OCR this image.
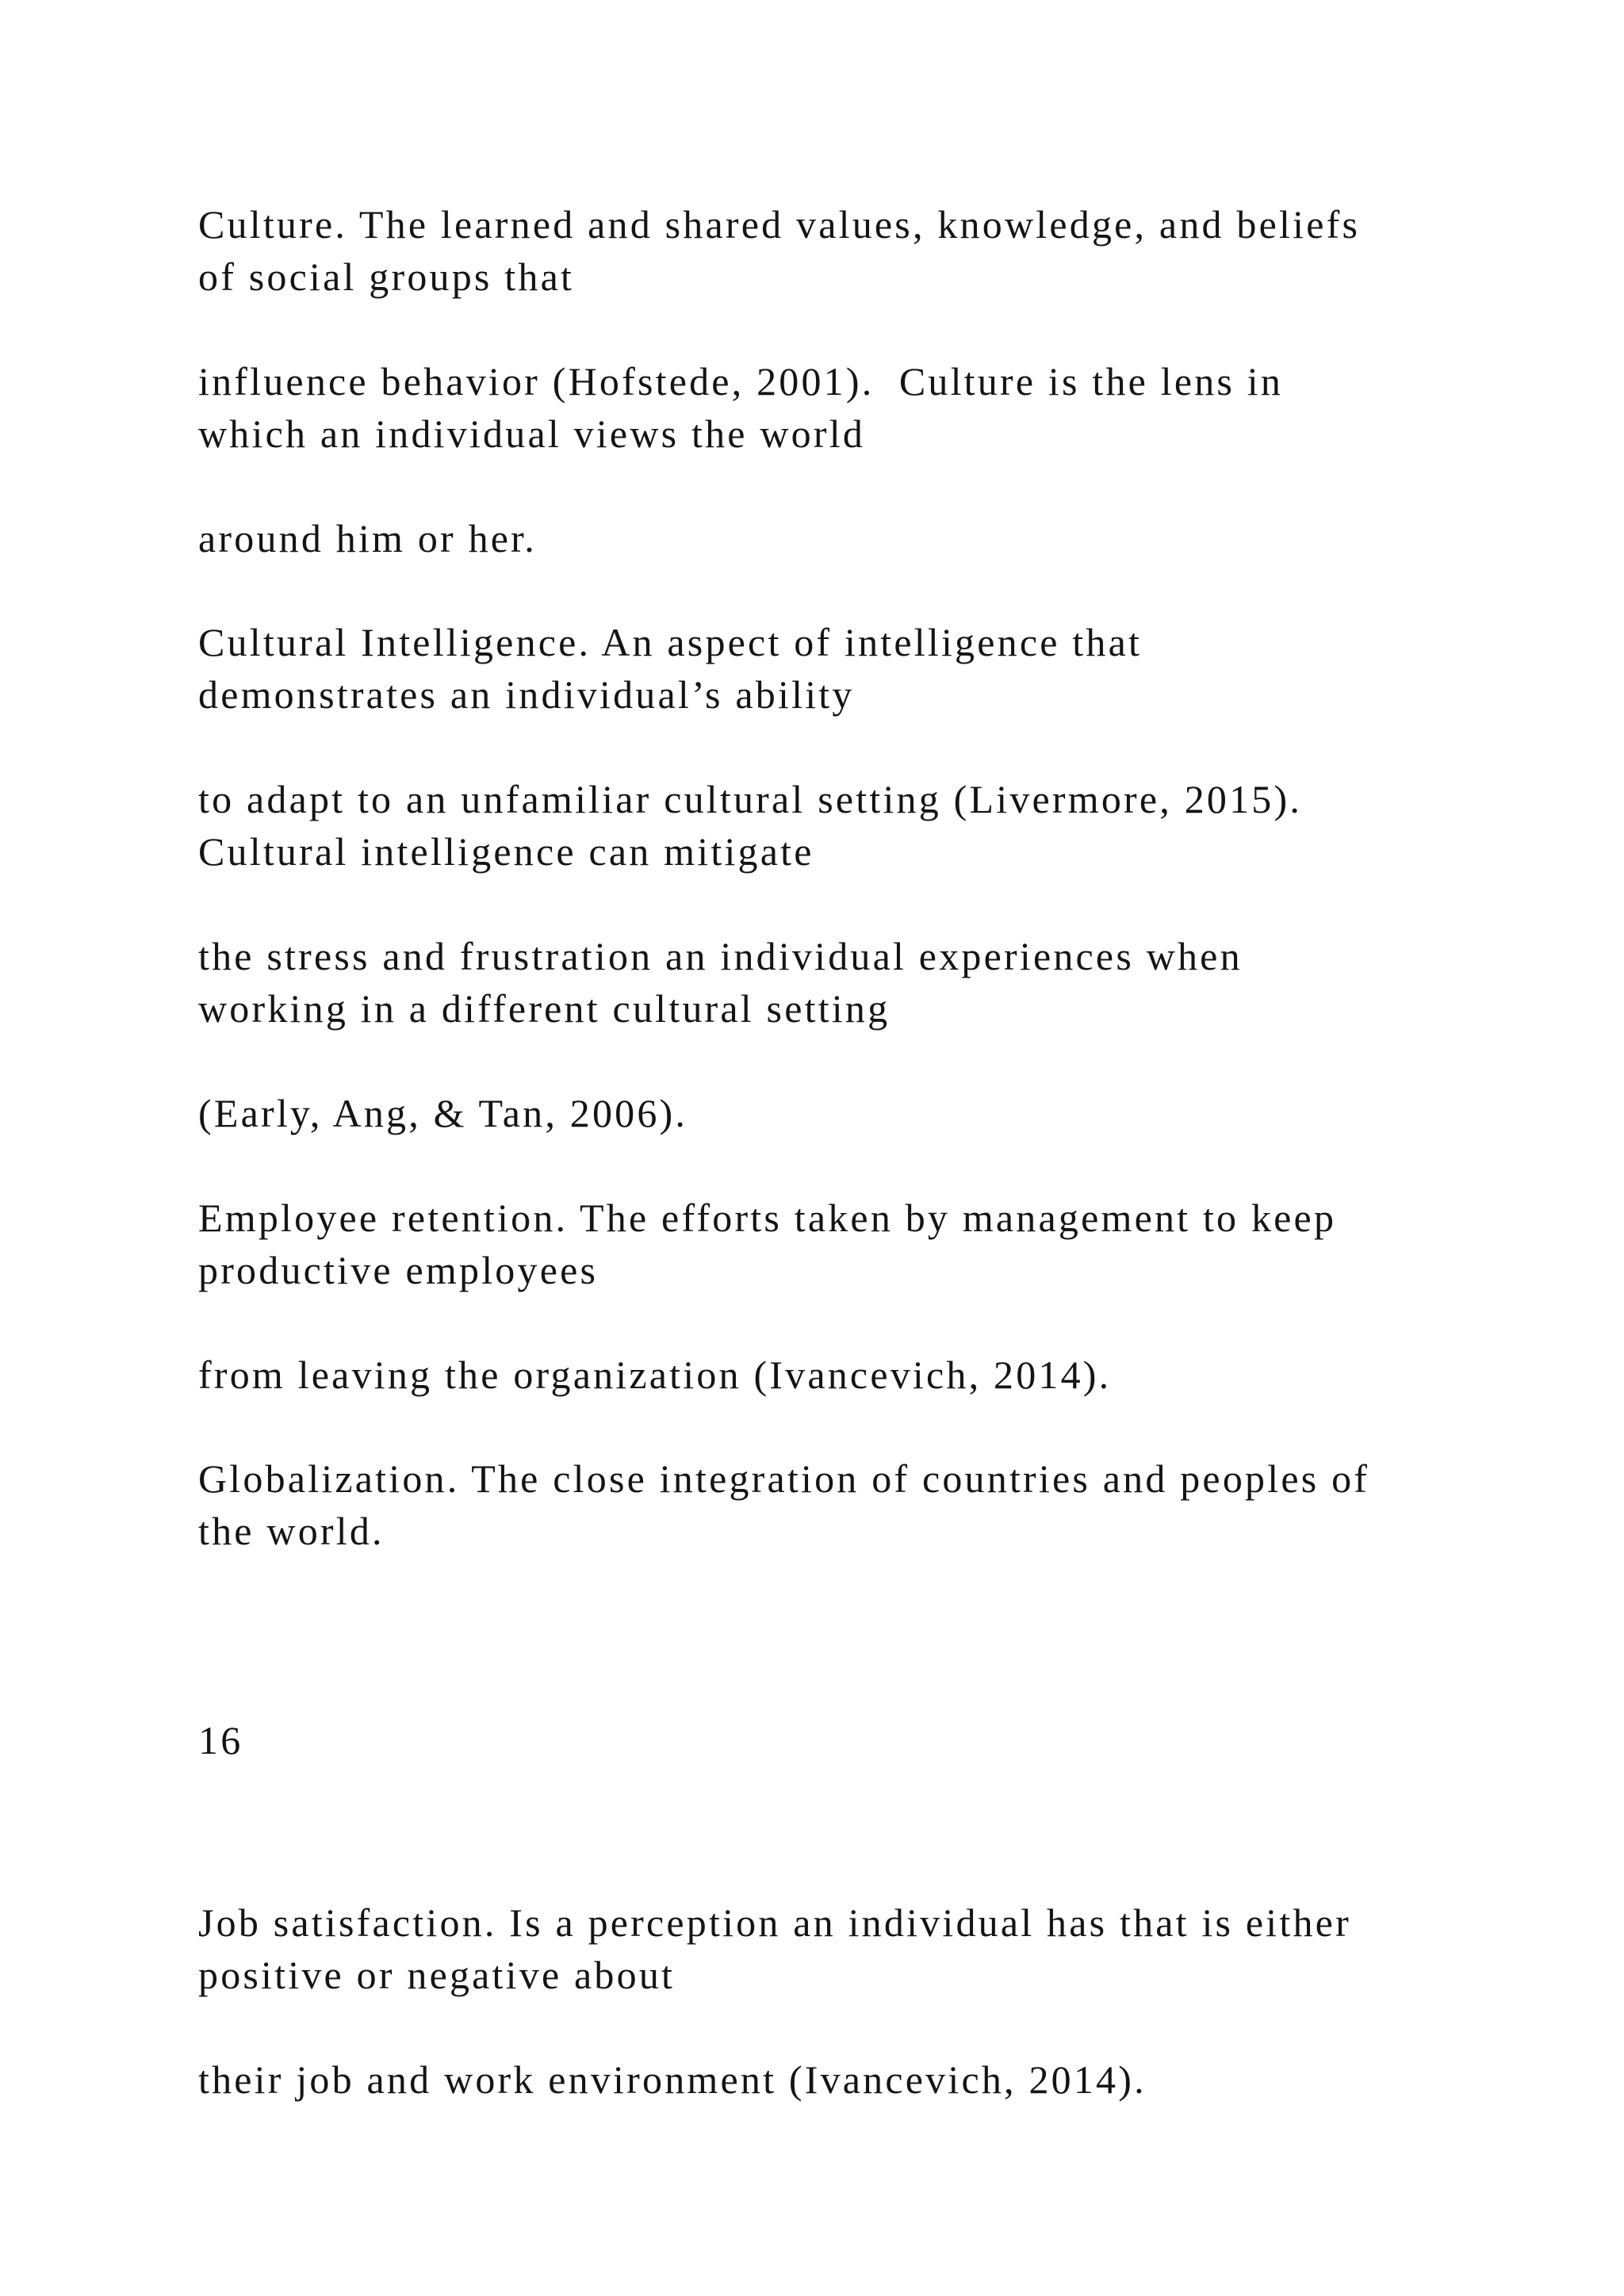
Culture. The learned and shared values, knowledge, and beliefs

of social groups that

influence behavior (Hofstede, 2001).  Culture is the lens in

which an individual views the world

around him or her.

Cultural Intelligence. An aspect of intelligence that

demonstrates an individual’s ability

to adapt to an unfamiliar cultural setting (Livermore, 2015).

Cultural intelligence can mitigate

the stress and frustration an individual experiences when

working in a different cultural setting

(Early, Ang, & Tan, 2006).

Employee retention. The efforts taken by management to keep

productive employees

from leaving the organization (Ivancevich, 2014).

Globalization. The close integration of countries and peoples of

the world.

16

Job satisfaction. Is a perception an individual has that is either

positive or negative about

their job and work environment (Ivancevich, 2014).
